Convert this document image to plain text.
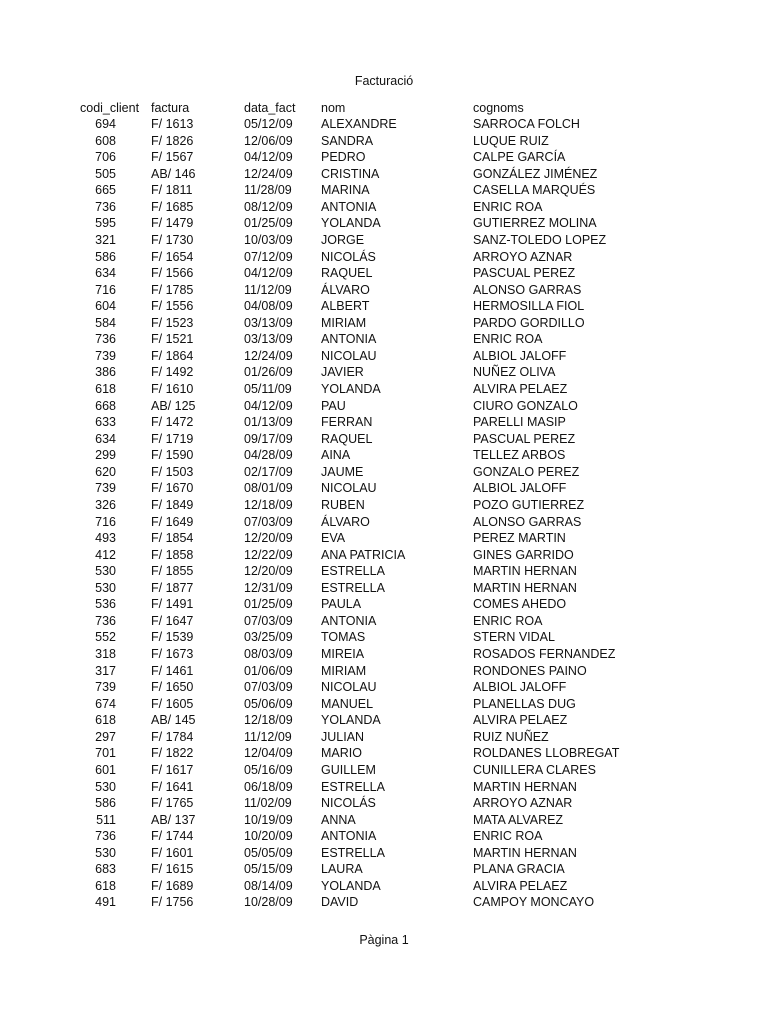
Facturació
codi_client factura	data_fact nom	cognoms
694	F/ 1613	05/12/09 ALEXANDRE	SARROCA FOLCH
608	F/ 1826	12/06/09 SANDRA	LUQUE RUIZ
706	F/ 1567	04/12/09 PEDRO	CALPE GARCÍA
505	AB/ 146	12/24/09 CRISTINA	GONZÁLEZ JIMÉNEZ
665	F/ 1811	11/28/09 MARINA	CASELLA MARQUÉS
736	F/ 1685	08/12/09 ANTONIA	ENRIC ROA
595	F/ 1479	01/25/09 YOLANDA	GUTIERREZ MOLINA
321	F/ 1730	10/03/09 JORGE	SANZ-TOLEDO LOPEZ
586	F/ 1654	07/12/09 NICOLÁS	ARROYO AZNAR
634	F/ 1566	04/12/09 RAQUEL	PASCUAL PEREZ
716	F/ 1785	11/12/09 ÁLVARO	ALONSO GARRAS
604	F/ 1556	04/08/09 ALBERT	HERMOSILLA FIOL
584	F/ 1523	03/13/09 MIRIAM	PARDO GORDILLO
736	F/ 1521	03/13/09 ANTONIA	ENRIC ROA
739	F/ 1864	12/24/09 NICOLAU	ALBIOL JALOFF
386	F/ 1492	01/26/09 JAVIER	NUÑEZ OLIVA
618	F/ 1610	05/11/09 YOLANDA	ALVIRA PELAEZ
668	AB/ 125	04/12/09 PAU	CIURO GONZALO
633	F/ 1472	01/13/09 FERRAN	PARELLI MASIP
634	F/ 1719	09/17/09 RAQUEL	PASCUAL PEREZ
299	F/ 1590	04/28/09 AINA	TELLEZ ARBOS
620	F/ 1503	02/17/09 JAUME	GONZALO PEREZ
739	F/ 1670	08/01/09 NICOLAU	ALBIOL JALOFF
326	F/ 1849	12/18/09 RUBEN	POZO GUTIERREZ
716	F/ 1649	07/03/09 ÁLVARO	ALONSO GARRAS
493	F/ 1854	12/20/09 EVA	PEREZ MARTIN
412	F/ 1858	12/22/09 ANA PATRICIA	GINES GARRIDO
530	F/ 1855	12/20/09 ESTRELLA	MARTIN HERNAN
530	F/ 1877	12/31/09 ESTRELLA	MARTIN HERNAN
536	F/ 1491	01/25/09 PAULA	COMES AHEDO
736	F/ 1647	07/03/09 ANTONIA	ENRIC ROA
552	F/ 1539	03/25/09 TOMAS	STERN VIDAL
318	F/ 1673	08/03/09 MIREIA	ROSADOS FERNANDEZ
317	F/ 1461	01/06/09 MIRIAM	RONDONES PAINO
739	F/ 1650	07/03/09 NICOLAU	ALBIOL JALOFF
674	F/ 1605	05/06/09 MANUEL	PLANELLAS DUG
618	AB/ 145	12/18/09 YOLANDA	ALVIRA PELAEZ
297	F/ 1784	11/12/09 JULIAN	RUIZ NUÑEZ
701	F/ 1822	12/04/09 MARIO	ROLDANES LLOBREGAT
601	F/ 1617	05/16/09 GUILLEM	CUNILLERA CLARES
530	F/ 1641	06/18/09 ESTRELLA	MARTIN HERNAN
586	F/ 1765	11/02/09 NICOLÁS	ARROYO AZNAR
511	AB/ 137	10/19/09 ANNA	MATA ALVAREZ
736	F/ 1744	10/20/09 ANTONIA	ENRIC ROA
530	F/ 1601	05/05/09 ESTRELLA	MARTIN HERNAN
683	F/ 1615	05/15/09 LAURA	PLANA GRACIA
618	F/ 1689	08/14/09 YOLANDA	ALVIRA PELAEZ
491	F/ 1756	10/28/09 DAVID	CAMPOY MONCAYO
Pàgina 1
